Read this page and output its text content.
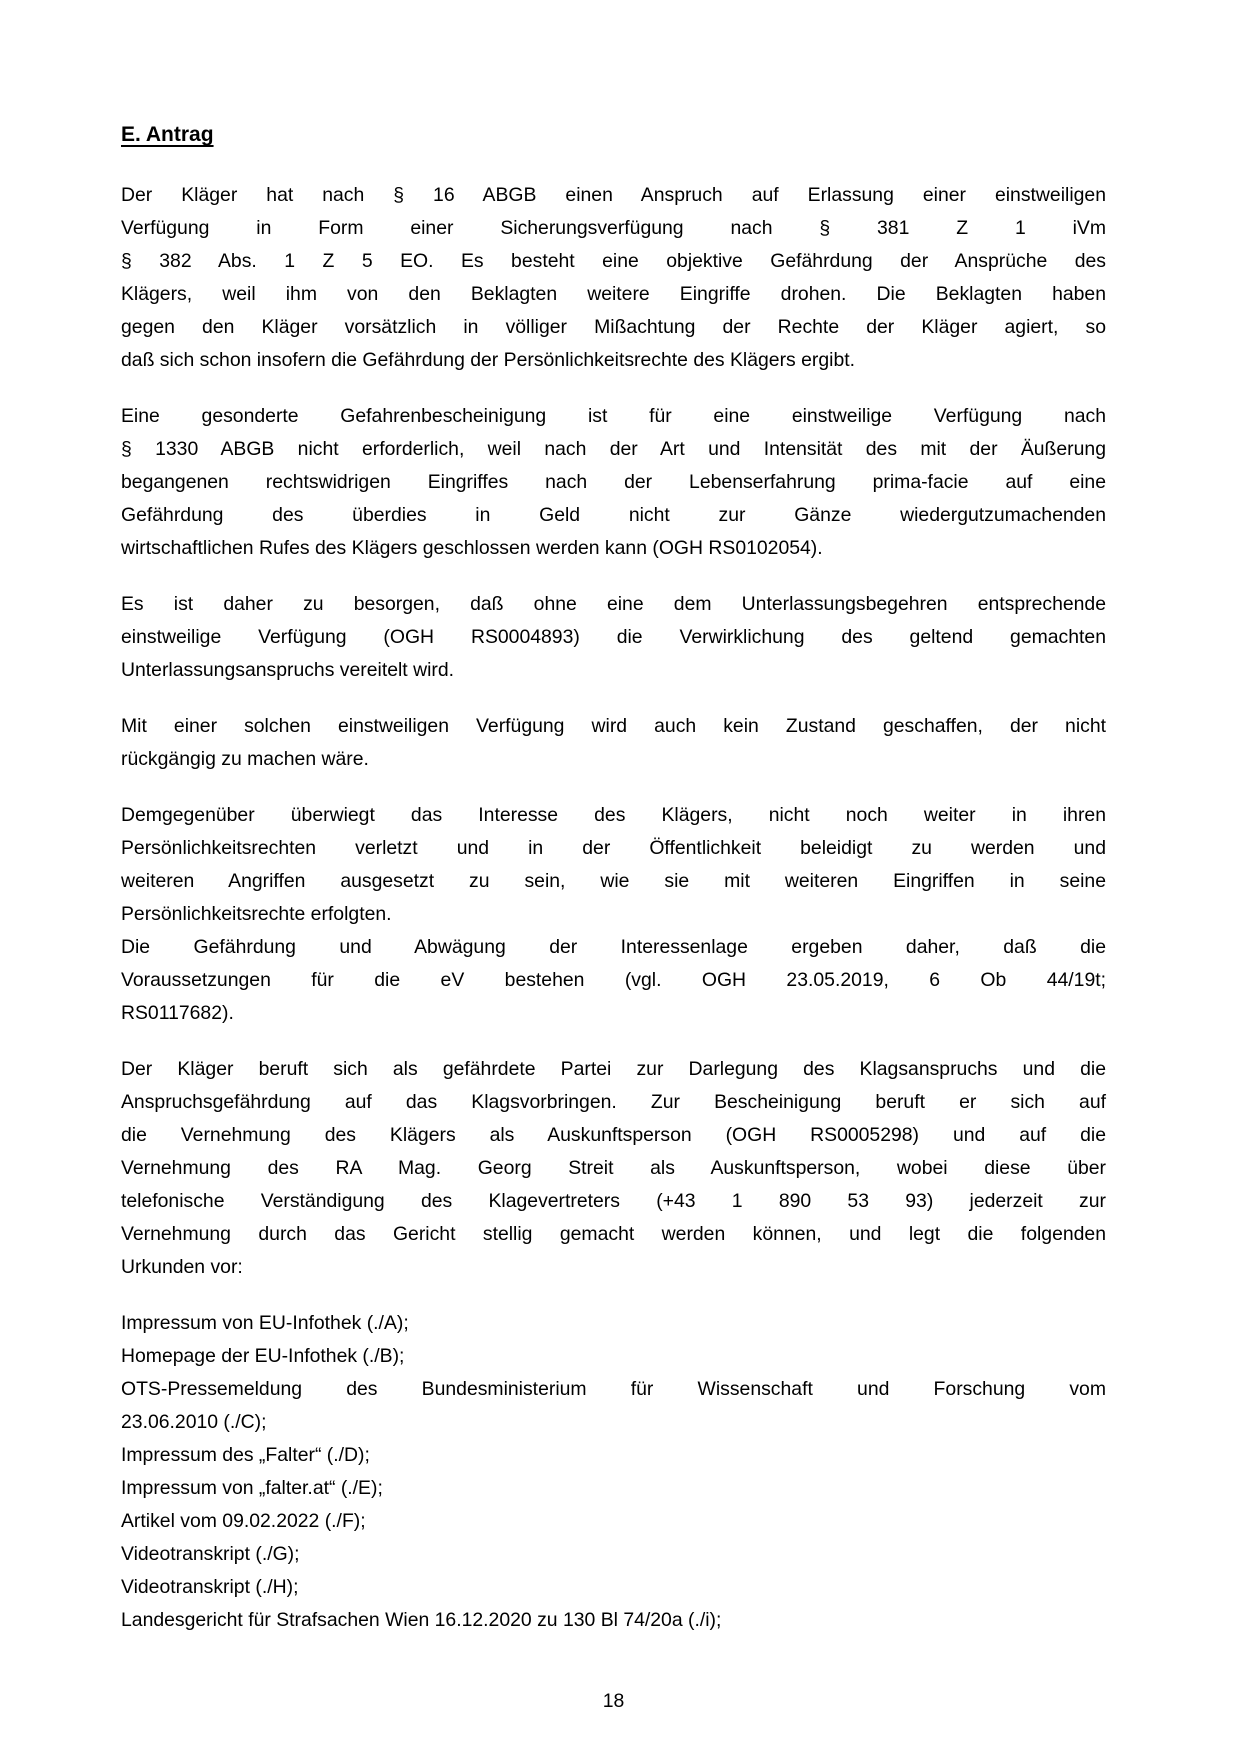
E. Antrag
Der Kläger hat nach § 16 ABGB einen Anspruch auf Erlassung einer einstweiligen
Verfügung in Form einer Sicherungsverfügung nach § 381 Z 1 iVm
§ 382 Abs. 1 Z 5 EO. Es besteht eine objektive Gefährdung der Ansprüche des
Klägers, weil ihm von den Beklagten weitere Eingriffe drohen. Die Beklagten haben
gegen den Kläger vorsätzlich in völliger Mißachtung der Rechte der Kläger agiert, so
daß sich schon insofern die Gefährdung der Persönlichkeitsrechte des Klägers ergibt.
Eine gesonderte Gefahrenbescheinigung ist für eine einstweilige Verfügung nach
§ 1330 ABGB nicht erforderlich, weil nach der Art und Intensität des mit der Äußerung
begangenen rechtswidrigen Eingriffes nach der Lebenserfahrung prima-facie auf eine
Gefährdung des überdies in Geld nicht zur Gänze wiedergutzumachenden
wirtschaftlichen Rufes des Klägers geschlossen werden kann (OGH RS0102054).
Es ist daher zu besorgen, daß ohne eine dem Unterlassungsbegehren entsprechende
einstweilige Verfügung (OGH RS0004893) die Verwirklichung des geltend gemachten
Unterlassungsanspruchs vereitelt wird.
Mit einer solchen einstweiligen Verfügung wird auch kein Zustand geschaffen, der nicht
rückgängig zu machen wäre.
Demgegenüber überwiegt das Interesse des Klägers, nicht noch weiter in ihren
Persönlichkeitsrechten verletzt und in der Öffentlichkeit beleidigt zu werden und
weiteren Angriffen ausgesetzt zu sein, wie sie mit weiteren Eingriffen in seine
Persönlichkeitsrechte erfolgten.
Die Gefährdung und Abwägung der Interessenlage ergeben daher, daß die
Voraussetzungen für die eV bestehen (vgl. OGH 23.05.2019, 6 Ob 44/19t;
RS0117682).
Der Kläger beruft sich als gefährdete Partei zur Darlegung des Klagsanspruchs und die
Anspruchsgefährdung auf das Klagsvorbringen. Zur Bescheinigung beruft er sich auf
die Vernehmung des Klägers als Auskunftsperson (OGH RS0005298) und auf die
Vernehmung des RA Mag. Georg Streit als Auskunftsperson, wobei diese über
telefonische Verständigung des Klagevertreters (+43 1 890 53 93) jederzeit zur
Vernehmung durch das Gericht stellig gemacht werden können, und legt die folgenden
Urkunden vor:
Impressum von EU-Infothek (./A);
Homepage der EU-Infothek (./B);
OTS-Pressemeldung des Bundesministerium für Wissenschaft und Forschung vom
23.06.2010 (./C);
Impressum des „Falter“ (./D);
Impressum von „falter.at“ (./E);
Artikel vom 09.02.2022 (./F);
Videotranskript (./G);
Videotranskript (./H);
Landesgericht für Strafsachen Wien 16.12.2020 zu 130 Bl 74/20a (./i);
18
